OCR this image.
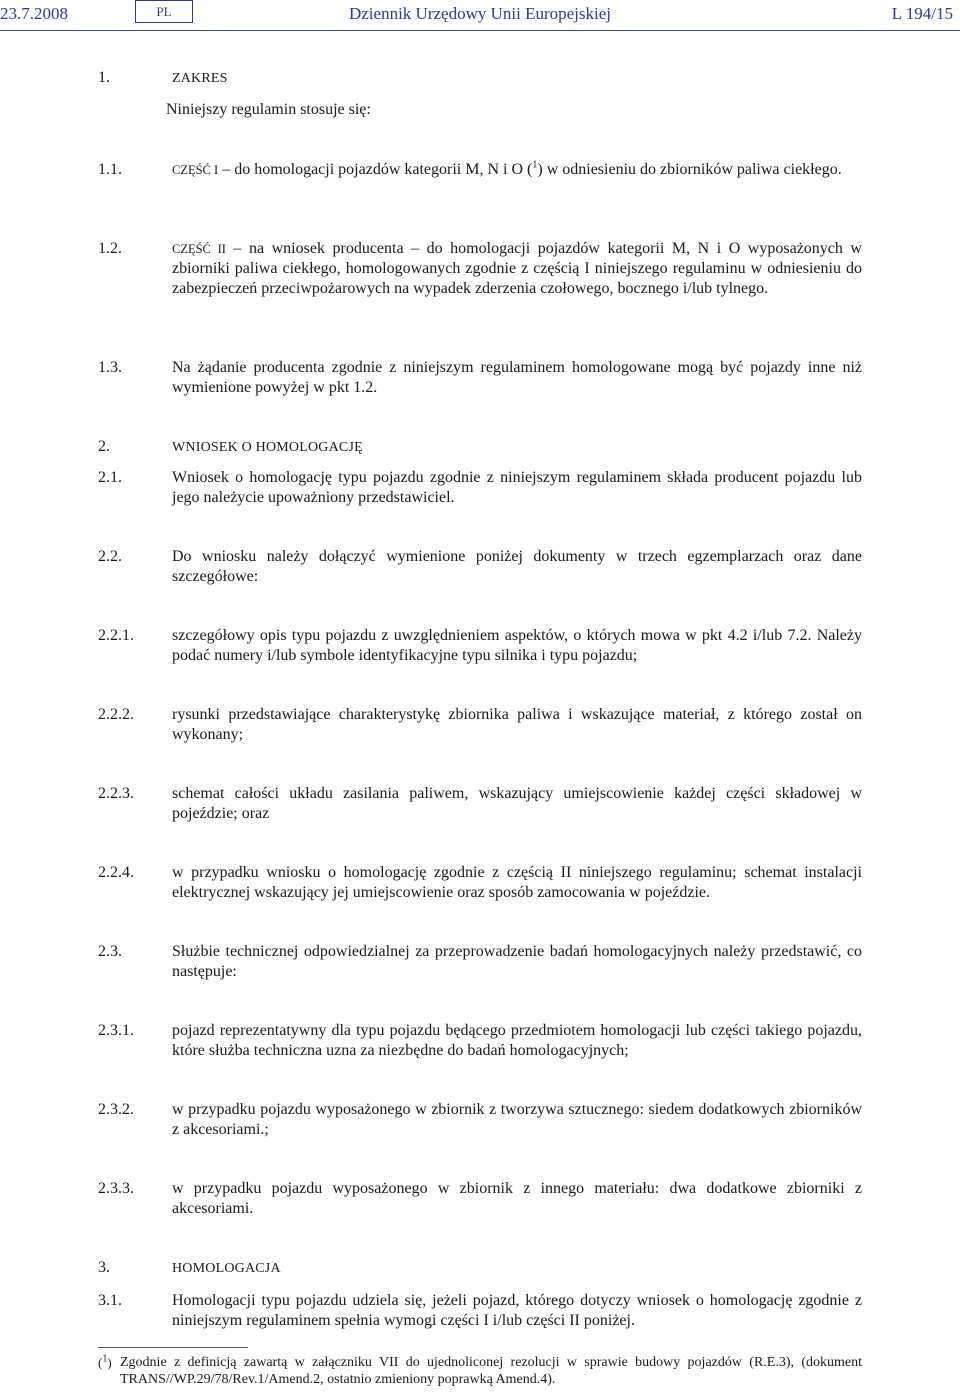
23.7.2008	PL	Dziennik Urzędowy Unii Europejskiej	L 194/15
1.	ZAKRES
Niniejszy regulamin stosuje się:
1.1.	CZĘŚĆ I – do homologacji pojazdów kategorii M, N i O ($^1$) w odniesieniu do zbiorników paliwa ciekłego.
1.2.	CZĘŚĆ II – na wniosek producenta – do homologacji pojazdów kategorii M, N i O wyposażonych w zbiorniki paliwa ciekłego, homologowanych zgodnie z częścią I niniejszego regulaminu w odniesieniu do zabezpieczeń przeciwpożarowych na wypadek zderzenia czołowego, bocznego i/lub tylnego.
1.3.	Na żądanie producenta zgodnie z niniejszym regulaminem homologowane mogą być pojazdy inne niż wymienione powyżej w pkt 1.2.
2.	WNIOSEK O HOMOLOGACJĘ
2.1.	Wniosek o homologację typu pojazdu zgodnie z niniejszym regulaminem składa producent pojazdu lub jego należycie upoważniony przedstawiciel.
2.2.	Do wniosku należy dołączyć wymienione poniżej dokumenty w trzech egzemplarzach oraz dane szczegółowe:
2.2.1. szczegółowy opis typu pojazdu z uwzględnieniem aspektów, o których mowa w pkt 4.2 i/lub 7.2. Należy podać numery i/lub symbole identyfikacyjne typu silnika i typu pojazdu;
2.2.2. rysunki przedstawiające charakterystykę zbiornika paliwa i wskazujące materiał, z którego został on wykonany;
2.2.3. schemat całości układu zasilania paliwem, wskazujący umiejscowienie każdej części składowej w pojeździe; oraz
2.2.4. w przypadku wniosku o homologację zgodnie z częścią II niniejszego regulaminu; schemat instalacji elektrycznej wskazujący jej umiejscowienie oraz sposób zamocowania w pojeździe.
2.3.	Służbie technicznej odpowiedzialnej za przeprowadzenie badań homologacyjnych należy przedstawić, co następuje:
2.3.1. pojazd reprezentatywny dla typu pojazdu będącego przedmiotem homologacji lub części takiego pojazdu, które służba techniczna uzna za niezbędne do badań homologacyjnych;
2.3.2. w przypadku pojazdu wyposażonego w zbiornik z tworzywa sztucznego: siedem dodatkowych zbiorników z akcesoriami.;
2.3.3. w przypadku pojazdu wyposażonego w zbiornik z innego materiału: dwa dodatkowe zbiorniki z akcesoriami.
3.	HOMOLOGACJA
3.1.	Homologacji typu pojazdu udziela się, jeżeli pojazd, którego dotyczy wniosek o homologację zgodnie z niniejszym regulaminem spełnia wymogi części I i/lub części II poniżej.
($^1$) Zgodnie z definicją zawartą w załączniku VII do ujednoliconej rezolucji w sprawie budowy pojazdów (R.E.3), (dokument TRANS//WP.29/78/Rev.1/Amend.2, ostatnio zmieniony poprawką Amend.4).
